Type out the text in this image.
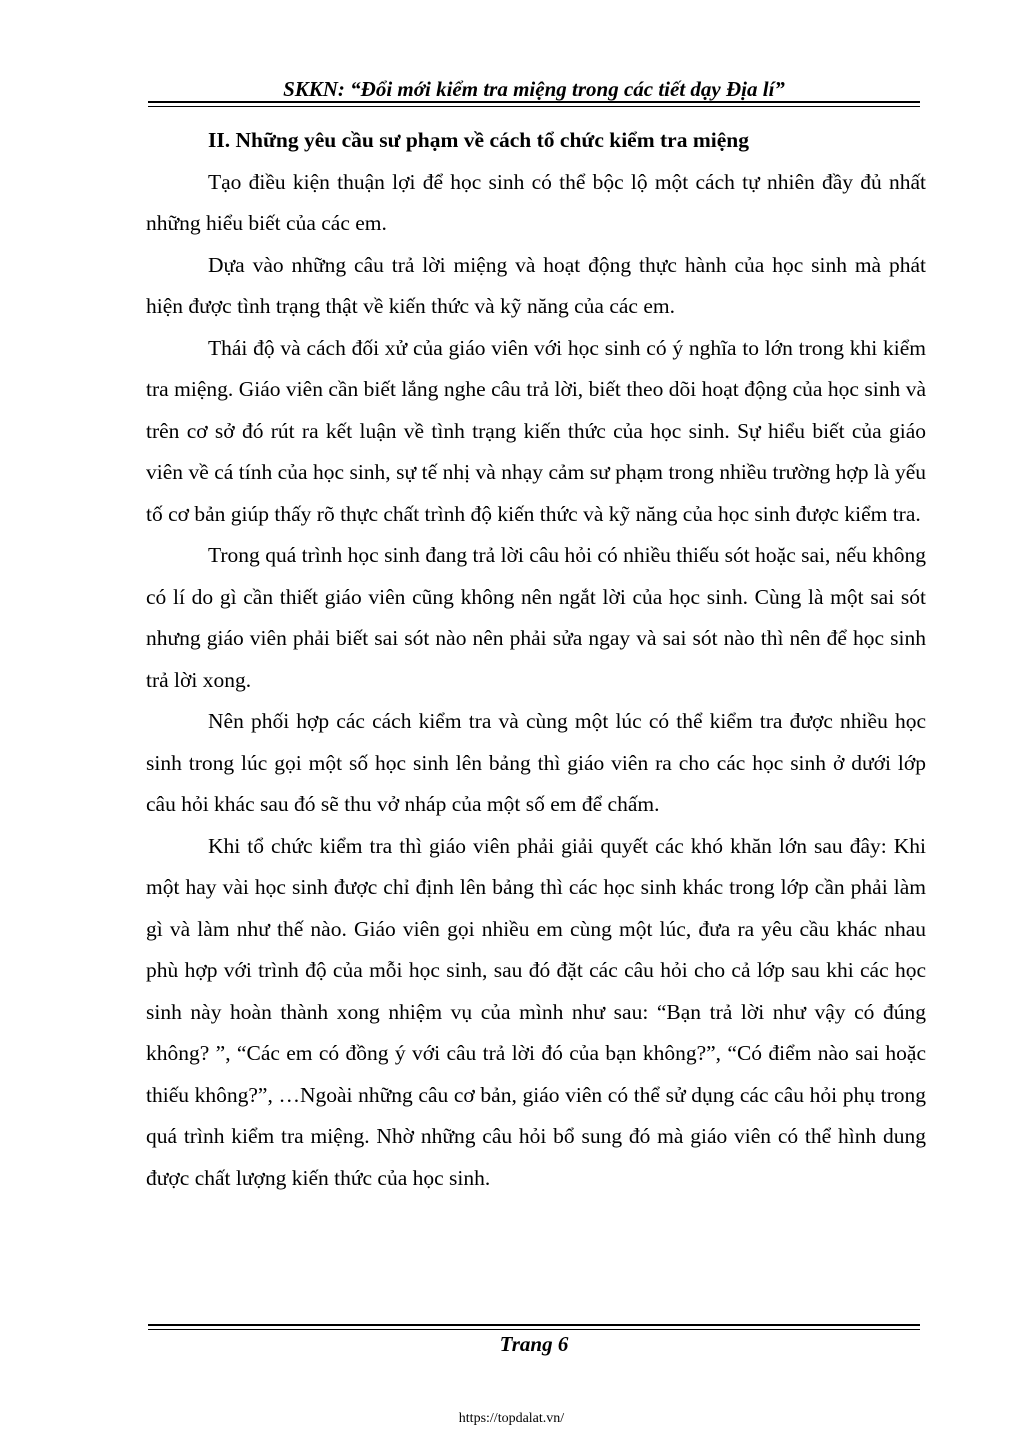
SKKN: “Đổi mới kiểm tra miệng trong các tiết dạy Địa lí”

II. Những yêu cầu sư phạm về cách tổ chức kiểm tra miệng

Tạo điều kiện thuận lợi để học sinh có thể bộc lộ một cách tự nhiên đầy đủ nhất những hiểu biết của các em.

Dựa vào những câu trả lời miệng và hoạt động thực hành của học sinh mà phát hiện được tình trạng thật về kiến thức và kỹ năng của các em.

Thái độ và cách đối xử của giáo viên với học sinh có ý nghĩa to lớn trong khi kiểm tra miệng. Giáo viên cần biết lắng nghe câu trả lời, biết theo dõi hoạt động của học sinh và trên cơ sở đó rút ra kết luận về tình trạng kiến thức của học sinh. Sự hiểu biết của giáo viên về cá tính của học sinh, sự tế nhị và nhạy cảm sư phạm trong nhiều trường hợp là yếu tố cơ bản giúp thấy rõ thực chất trình độ kiến thức và kỹ năng của học sinh được kiểm tra.

Trong quá trình học sinh đang trả lời câu hỏi có nhiều thiếu sót hoặc sai, nếu không có lí do gì cần thiết giáo viên cũng không nên ngắt lời của học sinh. Cùng là một sai sót nhưng giáo viên phải biết sai sót nào nên phải sửa ngay và sai sót nào thì nên để học sinh trả lời xong.

Nên phối hợp các cách kiểm tra và cùng một lúc có thể kiểm tra được nhiều học sinh trong lúc gọi một số học sinh lên bảng thì giáo viên ra cho các học sinh ở dưới lớp câu hỏi khác sau đó sẽ thu vở nháp của một số em để chấm.

Khi tổ chức kiểm tra thì giáo viên phải giải quyết các khó khăn lớn sau đây: Khi một hay vài học sinh được chỉ định lên bảng thì các học sinh khác trong lớp cần phải làm gì và làm như thế nào. Giáo viên gọi nhiều em cùng một lúc, đưa ra yêu cầu khác nhau phù hợp với trình độ của mỗi học sinh, sau đó đặt các câu hỏi cho cả lớp sau khi các học sinh này hoàn thành xong nhiệm vụ của mình như sau: “Bạn trả lời như vậy có đúng không? ”, “Các em có đồng ý với câu trả lời đó của bạn không?”, “Có điểm nào sai hoặc thiếu không?”, …Ngoài những câu cơ bản, giáo viên có thể sử dụng các câu hỏi phụ trong quá trình kiểm tra miệng. Nhờ những câu hỏi bổ sung đó mà giáo viên có thể hình dung được chất lượng kiến thức của học sinh.

Trang 6
https://topdalat.vn/
